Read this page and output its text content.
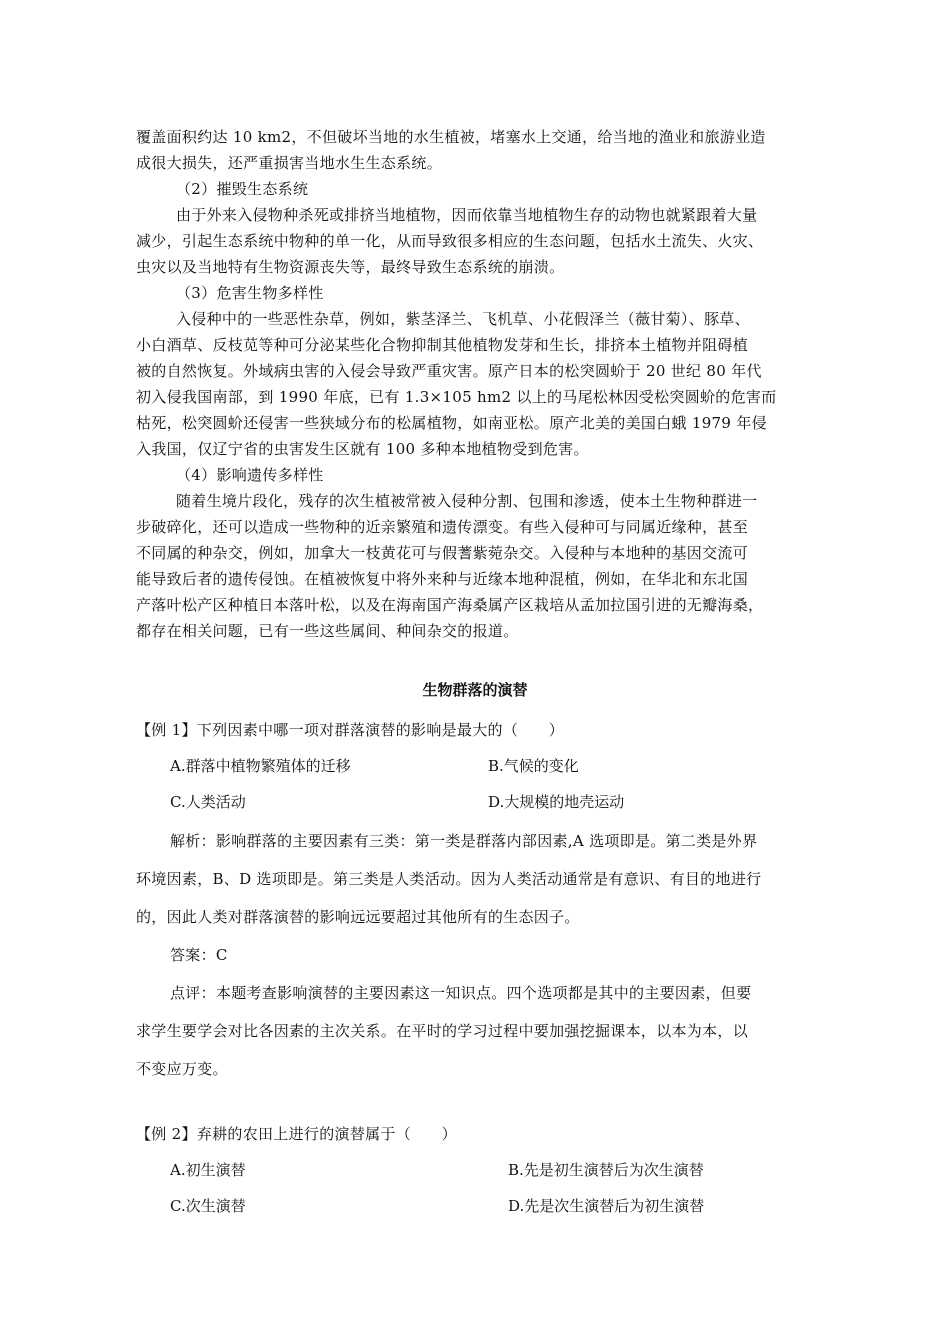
覆盖面积约达 10 km2，不但破坏当地的水生植被，堵塞水上交通，给当地的渔业和旅游业造
成很大损失，还严重损害当地水生生态系统。
（2）摧毁生态系统
由于外来入侵物种杀死或排挤当地植物，因而依靠当地植物生存的动物也就紧跟着大量
减少，引起生态系统中物种的单一化，从而导致很多相应的生态问题，包括水土流失、火灾、
虫灾以及当地特有生物资源丧失等，最终导致生态系统的崩溃。
（3）危害生物多样性
入侵种中的一些恶性杂草，例如，紫茎泽兰、飞机草、小花假泽兰（薇甘菊）、豚草、
小白酒草、反枝苋等种可分泌某些化合物抑制其他植物发芽和生长，排挤本土植物并阻碍植
被的自然恢复。外域病虫害的入侵会导致严重灾害。原产日本的松突圆蚧于 20 世纪 80 年代
初入侵我国南部，到 1990 年底，已有 1.3×105 hm2 以上的马尾松林因受松突圆蚧的危害而
枯死，松突圆蚧还侵害一些狭域分布的松属植物，如南亚松。原产北美的美国白蛾 1979 年侵
入我国，仅辽宁省的虫害发生区就有 100 多种本地植物受到危害。
（4）影响遗传多样性
随着生境片段化，残存的次生植被常被入侵种分割、包围和渗透，使本土生物种群进一
步破碎化，还可以造成一些物种的近亲繁殖和遗传漂变。有些入侵种可与同属近缘种，甚至
不同属的种杂交，例如，加拿大一枝黄花可与假蓍紫菀杂交。入侵种与本地种的基因交流可
能导致后者的遗传侵蚀。在植被恢复中将外来种与近缘本地种混植，例如，在华北和东北国
产落叶松产区种植日本落叶松，以及在海南国产海桑属产区栽培从孟加拉国引进的无瓣海桑，
都存在相关问题，已有一些这些属间、种间杂交的报道。
生物群落的演替
【例 1】下列因素中哪一项对群落演替的影响是最大的（　　）
A.群落中植物繁殖体的迁移	B.气候的变化
C.人类活动	D.大规模的地壳运动
解析：影响群落的主要因素有三类：第一类是群落内部因素,A 选项即是。第二类是外界
环境因素，B、D 选项即是。第三类是人类活动。因为人类活动通常是有意识、有目的地进行
的，因此人类对群落演替的影响远远要超过其他所有的生态因子。
答案：C
点评：本题考查影响演替的主要因素这一知识点。四个选项都是其中的主要因素，但要
求学生要学会对比各因素的主次关系。在平时的学习过程中要加强挖掘课本，以本为本，以
不变应万变。
【例 2】弃耕的农田上进行的演替属于（　　）
A.初生演替	B.先是初生演替后为次生演替
C.次生演替	D.先是次生演替后为初生演替
